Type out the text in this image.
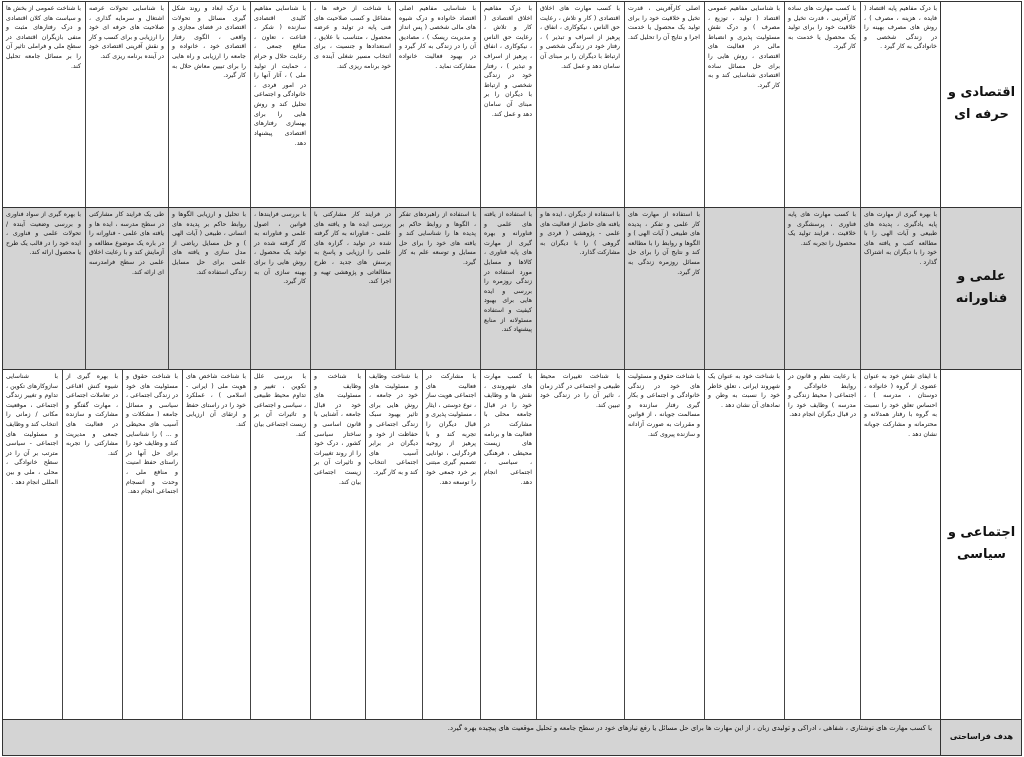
اقتصادی و حرفه ای
با درک مفاهیم پایه اقتصاد ( فایده ، هزینه ، مصرف ) ، روش های مصرف بهینه را در زندگی شخصی و خانوادگی به کار گیرد .
با کسب مهارت های ساده کارآفرینی ، قدرت تخیل و خلاقیت خود را برای تولید یک محصول یا خدمت به کار گیرد.
با شناسایی مفاهیم عمومی اقتصاد ( تولید ، توزیع ، مصرف ) و درک نقش مسئولیت پذیری و انضباط مالی در فعالیت های اقتصادی ، روش هایی را برای حل مسائل ساده اقتصادی شناسایی کند و به کار گیرد.
اصلی کارآفرینی ، قدرت تخیل و خلاقیت خود را برای تولید یک محصول یا خدمت اجرا و نتایج آن را تحلیل کند.
با کسب مهارت های اخلاق اقتصادی ( کار و تلاش ، رعایت حق الناس ، نیکوکاری ، انفاق ، پرهیز از اسراف و تبذیر ) ، رفتار خود در زندگی شخصی و ارتباط با دیگران را بر مبنای آن سامان دهد و عمل کند.
با درک مفاهیم اخلاق اقتصادی ( کار و تلاش ، رعایت حق الناس ، نیکوکاری ، انفاق ، پرهیز از اسراف و تبذیر ) ، رفتار خود در زندگی شخصی و ارتباط با دیگران را بر مبنای آن سامان دهد و عمل کند.
با شناسایی مفاهیم اصلی اقتصاد خانواده و درک شیوه های مالی شخصی ( پس انداز و مدیریت ریسک ) ، مصادیق آن را در زندگی به کار گیرد و در بهبود فعالیت خانواده مشارکت نماید .
با شناخت از حرفه ها ، مشاغل و کسب صلاحیت های فنی پایه در تولید و عرضه محصول ، متناسب با علایق ، استعدادها و جنسیت ، برای انتخاب مسیر شغلی آینده ی خود برنامه ریزی کند.
با شناسایی مفاهیم کلیدی اقتصادی سازنده ( شکر ، قناعت ، تعاون ، منافع جمعی ، رعایت حلال و حرام ، حمایت از تولید ملی ) ، آثار آنها را در امور فردی ، خانوادگی و اجتماعی تحلیل کند و روش هایی را برای بهسازی رفتارهای اقتصادی پیشنهاد دهد.
با درک ابعاد و روند شکل گیری مسائل و تحولات اقتصادی در فضای مجازی و واقعی ، الگوی رفتار اقتصادی خود ، خانواده و جامعه را ارزیابی و راه هایی را برای تبیین معاش حلال به کار گیرد.
با شناسایی تحولات عرصه اشتغال و سرمایه گذاری ، صلاحیت های حرفه ای خود را ارزیابی و برای کسب و کار و نقش آفرینی اقتصادی خود در آینده برنامه ریزی کند.
با شناخت عمومی از بخش ها و سیاست های کلان اقتصادی و درک رفتارهای مثبت و منفی بازیگران اقتصادی در سطح ملی و فراملی تاثیر آن را بر مسائل جامعه تحلیل کند.
علمی و فناورانه
با بهره گیری از مهارت های پایه یادگیری ، پدیده های طبیعی و آیات الهی را با مطالعه کتب و یافته های خود را با دیگران به اشتراک گذارد .
با کسب مهارت های پایه فناوری ، پرسشگری و خلاقیت ، فرایند تولید یک محصول را تجربه کند.
با استفاده از مهارت های کار علمی و تفکر ، پدیده های طبیعی ( آیات الهی ) و الگوها و روابط را با مطالعه کند و نتایج آن را برای حل مسائل روزمره زندگی به کار گیرد.
با استفاده از دیگران ، ایده ها و یافته های حاصل از فعالیت های علمی - پژوهشی ( فردی و گروهی ) را با دیگران به مشارکت گذارد.
با استفاده از یافته های علمی و فناورانه و بهره گیری از مهارت های پایه فناوری ، کالاها و مسایل مورد استفاده در زندگی روزمره را بررسی و ایده هایی برای بهبود کیفیت و استفاده مسئولانه از منابع پیشنهاد کند.
با استفاده از راهبردهای تفکر ، الگوها و روابط حاکم بر پدیده ها را شناسایی کند و یافته های خود را برای حل مسایل و توسعه علم به کار گیرد.
در فرایند کار مشارکتی با بررسی ایده ها و یافته های علمی - فناورانه به کار گرفته شده در تولید ، گزاره های علمی را ارزیابی و پاسخ به پرسش های جدید ، طرح مطالعاتی و پژوهشی تهیه و اجرا کند.
با بررسی فرایندها ، قوانین ، اصول علمی و فناورانه به کار گرفته شده در تولید یک محصول ، روش هایی را برای بهینه سازی آن به کار گیرد.
با تحلیل و ارزیابی الگوها و روابط حاکم بر پدیده های انسانی ، طبیعی ( آیات الهی ) و حل مسایل ریاضی از مدل سازی و یافته های علمی برای حل مسایل زندگی استفاده کند.
طی یک فرایند کار مشارکتی در سطح مدرسه ، ایده ها و یافته های علمی - فناورانه را در باره یک موضوع مطالعه و آزمایش کند و با رعایت اخلاق علمی در سطح فرامدرسه ای ارائه کند.
با بهره گیری از سواد فناوری و بررسی وضعیت آینده / تحولات علمی و فناوری ، ایده خود را در قالب یک طرح یا محصول ارائه کند.
اجتماعی و سیاسی
با ایفای نقش خود به عنوان عضوی از گروه ( خانواده ، دوستان ، مدرسه ) ، احساس تعلق خود را نسبت به گروه با رفتار همدلانه و محترمانه و مشارکت جویانه نشان دهد .
با رعایت نظم و قانون در روابط خانوادگی و اجتماعی ( محیط زندگی و مدرسه ) وظایف خود را در قبال دیگران انجام دهد.
با شناخت خود به عنوان یک شهروند ایرانی ، تعلق خاطر خود را نسبت به وطن و نمادهای آن نشان دهد .
با شناخت حقوق و مسئولیت های خود در زندگی خانوادگی و اجتماعی و بکار گیری رفتار سازنده و مسالمت جویانه ، از قوانین و مقررات به صورت آزادانه و سازنده پیروی کند.
با شناخت تغییرات محیط طبیعی و اجتماعی در گذر زمان ، تاثیر آن را در زندگی خود تبیین کند.
با کسب مهارت های شهروندی ، نقش ها و وظایف خود را در قبال جامعه محلی با مشارکت در فعالیت ها و برنامه های زیست محیطی ، فرهنگی ، سیاسی ، اجتماعی انجام دهد.
با مشارکت در فعالیت های اجتماعی هویت ساز ، نوع دوستی ، ایثار ، مسئولیت پذیری و قبال دیگران را تجربه کند و با پرهیز از روحیه فردگرایی ، توانایی تصمیم گیری مبتنی بر خرد جمعی خود را توسعه دهد.
با شناخت وظایف و مسئولیت های خود در جامعه ، روش هایی برای تاثیر بهبود سبک زندگی اجتماعی و حفاظت از خود و دیگران در برابر آسیب های اجتماعی انتخاب کند و به کار گیرد.
با شناخت و وظایف و مسئولیت های خود در قبال جامعه ، آشنایی با قانون اساسی و ساختار سیاسی کشور ، درک خود را از روند تغییرات و تاثیرات آن بر زیست اجتماعی بیان کند.
با بررسی علل تکوین ، تغییر و تداوم محیط طبیعی ، سیاسی و اجتماعی و تاثیرات آن بر زیست اجتماعی بیان کند.
با شناخت شاخص های هویت ملی ( ایرانی - اسلامی ) ، عملکرد خود را در راستای حفظ و ارتقای آن ارزیابی کند.
با شناخت حقوق و مسئولیت های خود در زندگی اجتماعی ، سیاسی و مسائل جامعه ( مشکلات و آسیب های محیطی و ... ) را شناسایی کند و وظایف خود را برای حل آنها در راستای حفظ امنیت و منافع ملی ، وحدت و انسجام اجتماعی انجام دهد.
با بهره گیری از شیوه کنش اقناعی در تعاملات اجتماعی ، مهارت گفتگو و مشارکت و سازنده در فعالیت های جمعی و مدیریت مشارکتی را تجربه کند.
با شناسایی سازوکارهای تکوین ، تداوم و تغییر زندگی اجتماعی ، موقعیت مکانی / زمانی را انتخاب کند و وظایف و مسئولیت های اجتماعی - سیاسی مترتب بر آن را در سطح خانوادگی ، محلی ، ملی و بین المللی انجام دهد .
هدف فراساحتی
با کسب مهارت های نوشتاری ، شفاهی ، ادراکی و تولیدی زبان ، از این مهارت ها برای حل مسائل یا رفع نیازهای خود در سطح جامعه و تحلیل موقعیت های پیچیده بهره گیرد.
